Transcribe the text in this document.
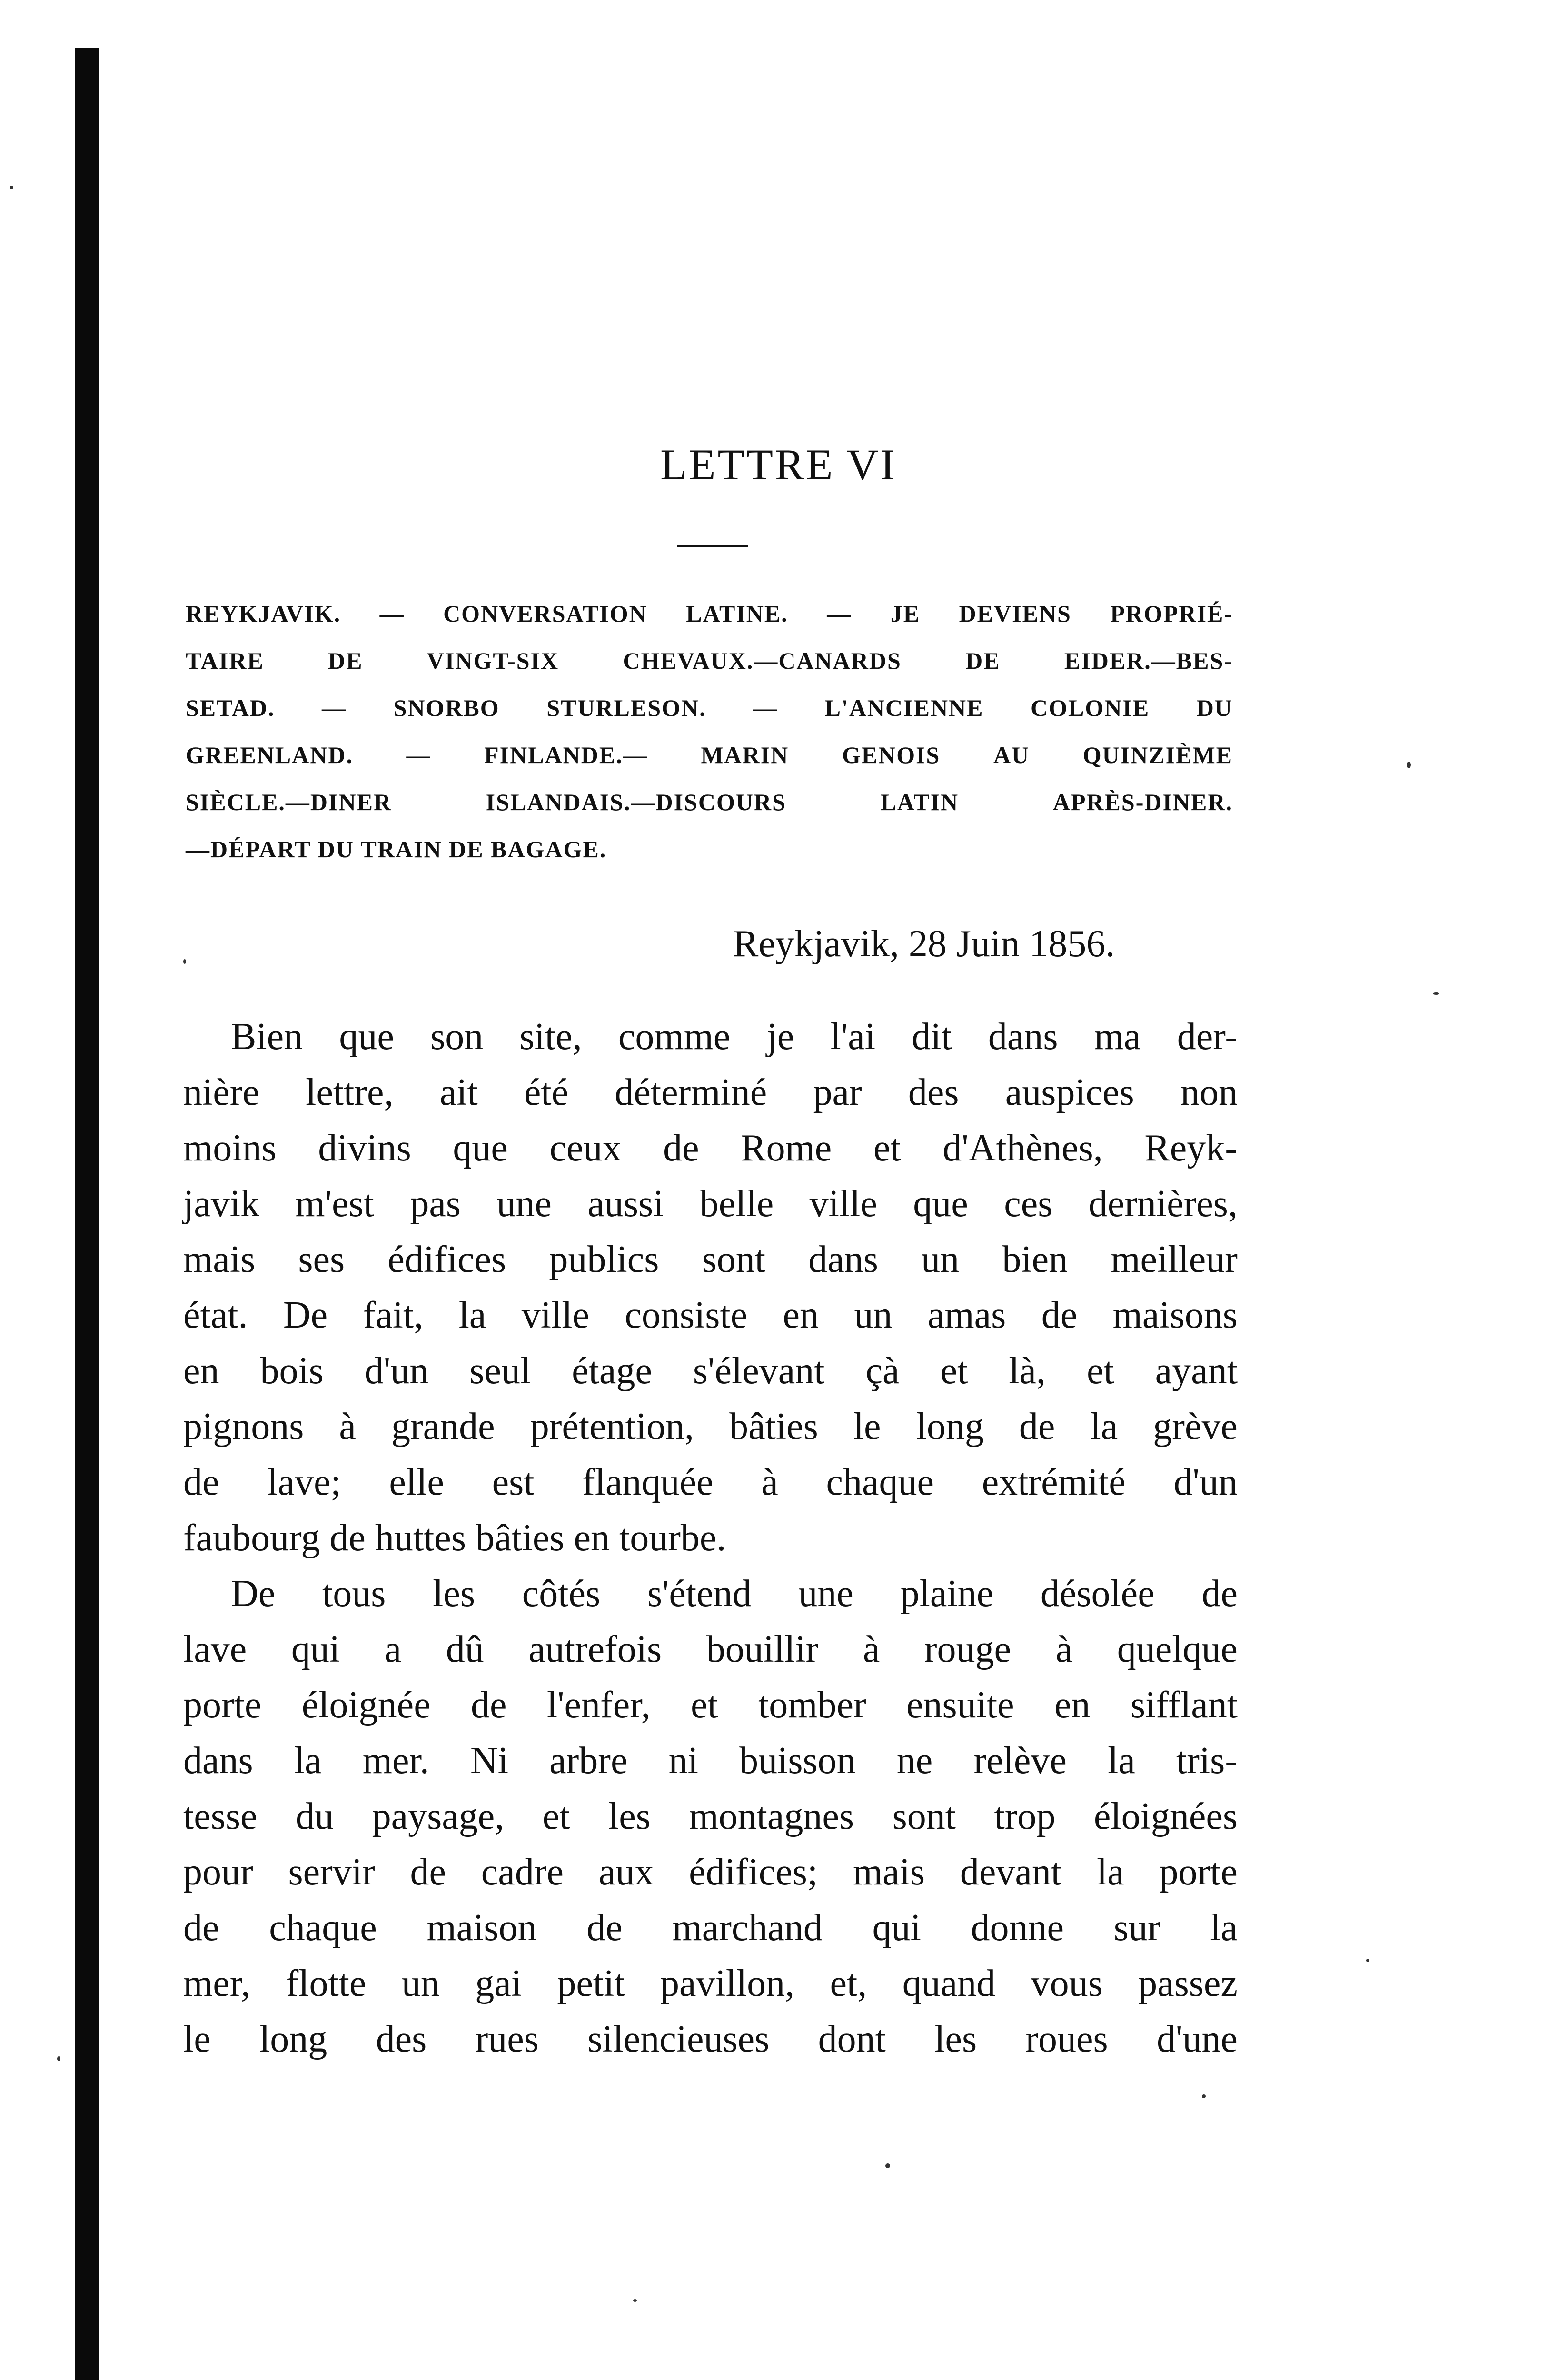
LETTRE VI
REYKJAVIK. — CONVERSATION LATINE. — JE DEVIENS PROPRIÉ-
TAIRE	DE	VINGT-SIX	CHEVAUX.—CANARDS	DE	EIDER.—BES-
SETAD. — SNORBO STURLESON. — L'ANCIENNE COLONIE DU
GREENLAND. — FINLANDE.— MARIN GENOIS AU QUINZIÈME
SIÈCLE.—DINER	ISLANDAIS.—DISCOURS	LATIN	APRÈS-DINER.
—DÉPART DU TRAIN DE BAGAGE.
Reykjavik, 28 Juin 1856.
Bien que son site, comme je l'ai dit dans ma der-
nière lettre, ait été déterminé par des auspices non
moins divins que ceux de Rome et d'Athènes, Reyk-
javik m'est pas une aussi belle ville que ces dernières,
mais ses édifices publics sont dans un bien meilleur
état. De fait, la ville consiste en un amas de maisons
en bois d'un seul étage s'élevant çà et là, et ayant
pignons à grande prétention, bâties le long de la grève
de lave; elle est flanquée à chaque extrémité d'un
faubourg de huttes bâties en tourbe.
De tous les côtés s'étend une plaine désolée de
lave qui a dû autrefois bouillir à rouge à quelque
porte éloignée de l'enfer, et tomber ensuite en sifflant
dans la mer. Ni arbre ni buisson ne relève la tris-
tesse du paysage, et les montagnes sont trop éloignées
pour servir de cadre aux édifices; mais devant la porte
de chaque maison de marchand qui donne sur la
mer, flotte un gai petit pavillon, et, quand vous passez
le long des rues silencieuses dont les roues d'une
